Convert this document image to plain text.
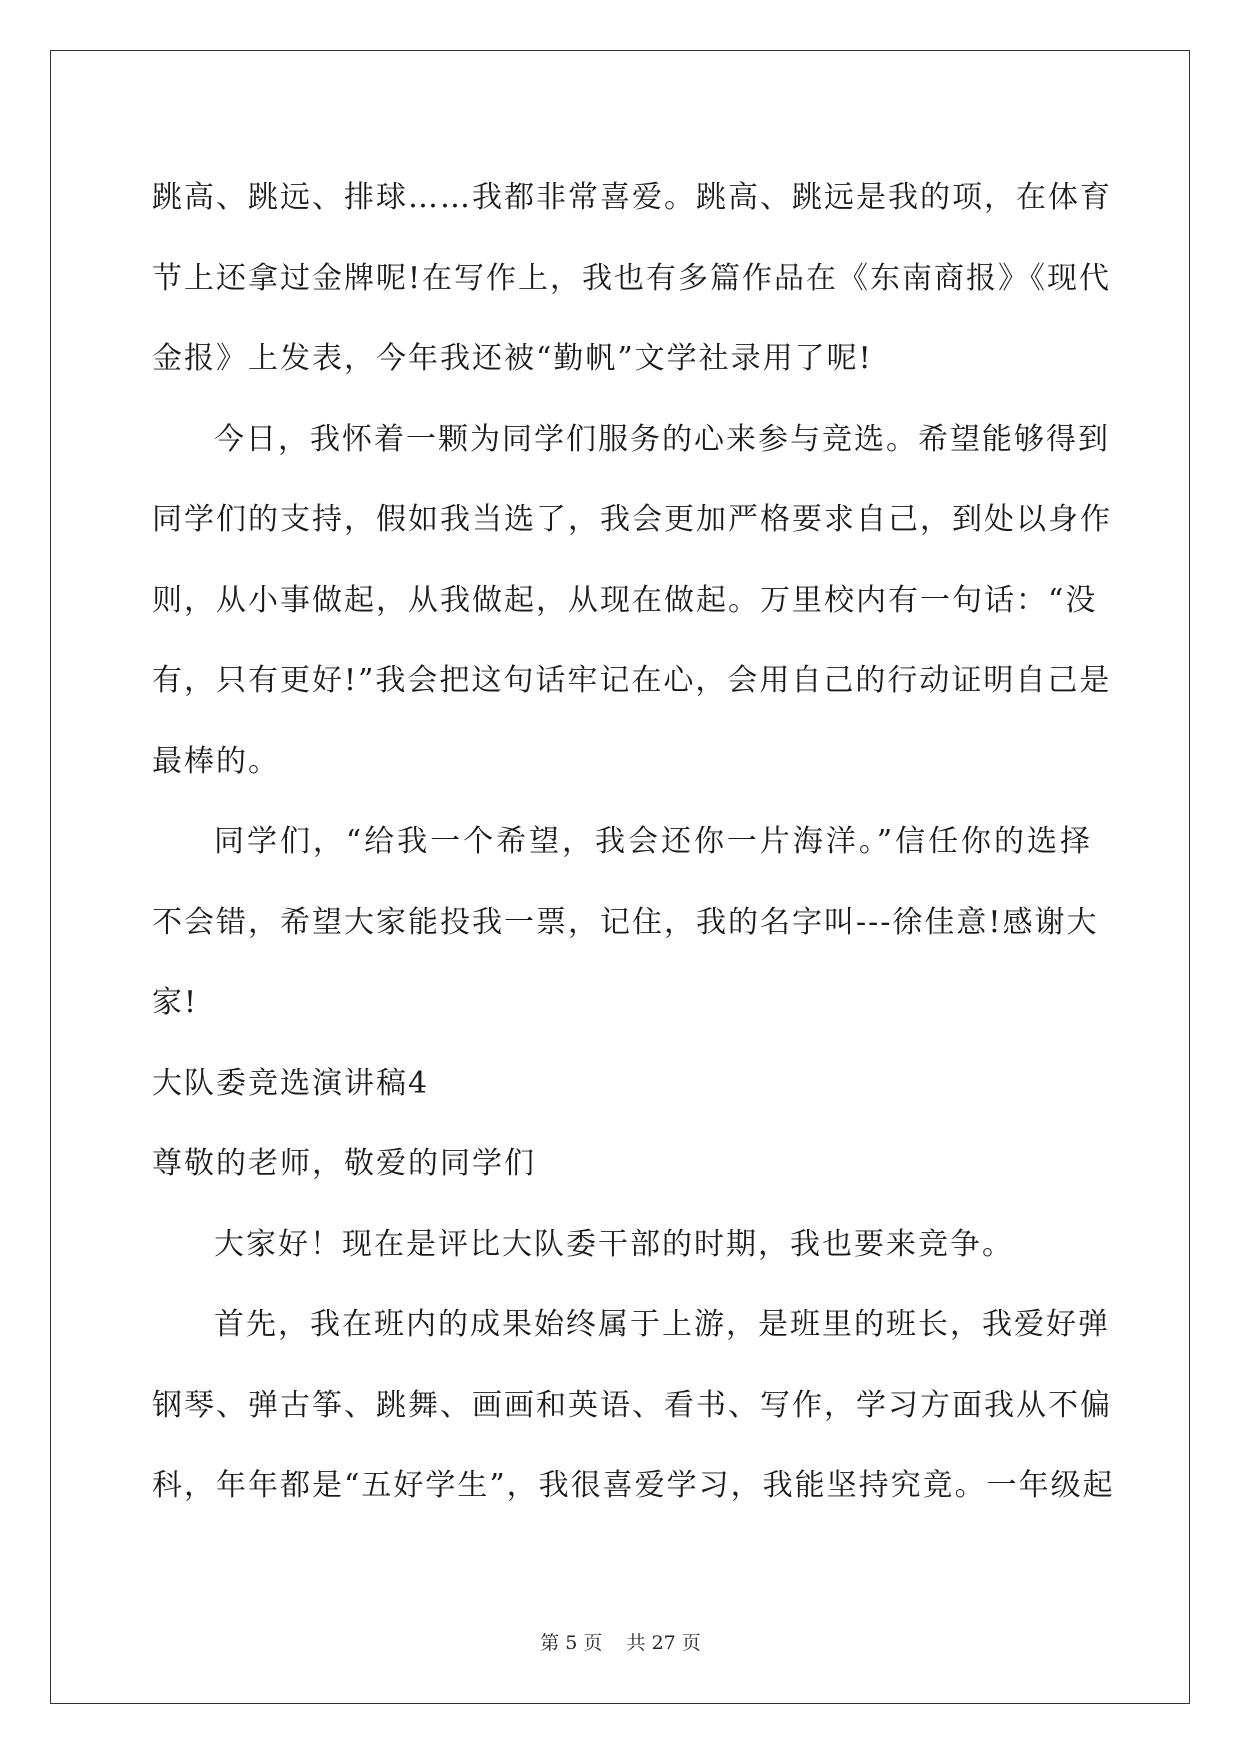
跳高、跳远、排球……我都非常喜爱。跳高、跳远是我的项，在体育
节上还拿过金牌呢!在写作上，我也有多篇作品在《东南商报》《现代
金报》上发表，今年我还被“勤帆”文学社录用了呢!
今日，我怀着一颗为同学们服务的心来参与竞选。希望能够得到
同学们的支持，假如我当选了，我会更加严格要求自己，到处以身作
则，从小事做起，从我做起，从现在做起。万里校内有一句话：“没
有，只有更好!”我会把这句话牢记在心，会用自己的行动证明自己是
最棒的。
同学们，“给我一个希望，我会还你一片海洋。”信任你的选择
不会错，希望大家能投我一票，记住，我的名字叫---徐佳意!感谢大
家!
大队委竞选演讲稿4
尊敬的老师，敬爱的同学们
大家好！现在是评比大队委干部的时期，我也要来竞争。
首先，我在班内的成果始终属于上游，是班里的班长，我爱好弹
钢琴、弹古筝、跳舞、画画和英语、看书、写作，学习方面我从不偏
科，年年都是“五好学生”，我很喜爱学习，我能坚持究竟。一年级起
第 5 页 共 27 页
